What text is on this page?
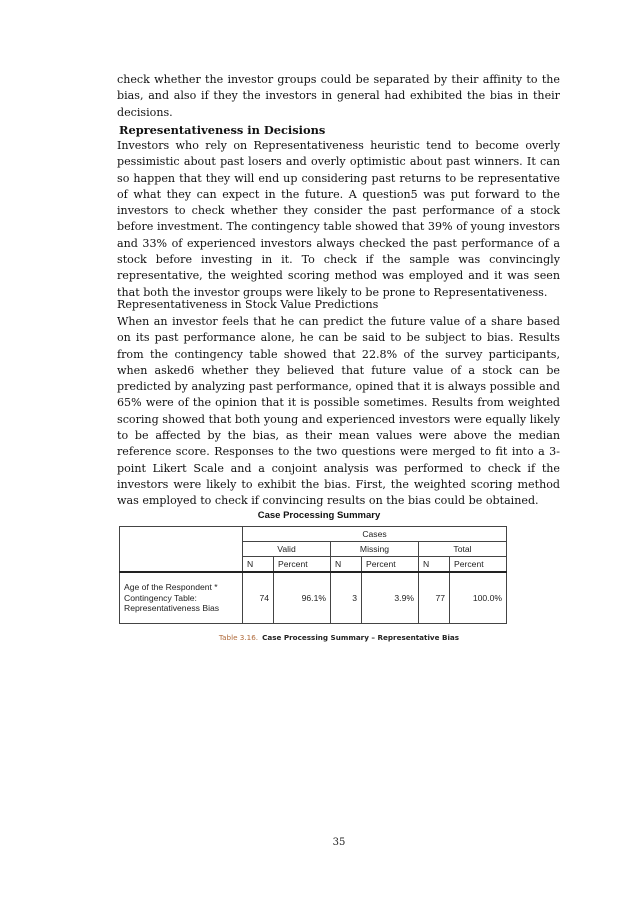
check whether the investor groups could be separated by their affinity to the bias, and also if they the investors in general had exhibited the bias in their decisions.

Representativeness in Decisions

Investors who rely on Representativeness heuristic tend to become overly pessimistic about past losers and overly optimistic about past winners. It can so happen that they will end up considering past returns to be representative of what they can expect in the future. A question5 was put forward to the investors to check whether they consider the past performance of a stock before investment. The contingency table showed that 39% of young investors and 33% of experienced investors always checked the past performance of a stock before investing in it. To check if the sample was convincingly representative, the weighted scoring method was employed and it was seen that both the investor groups were likely to be prone to Representativeness.

Representativeness in Stock Value Predictions

When an investor feels that he can predict the future value of a share based on its past performance alone, he can be said to be subject to bias. Results from the contingency table showed that 22.8% of the survey participants, when asked6 whether they believed that future value of a stock can be predicted by analyzing past performance, opined that it is always possible and 65% were of the opinion that it is possible sometimes. Results from weighted scoring showed that both young and experienced investors were equally likely to be affected by the bias, as their mean values were above the median reference score. Responses to the two questions were merged to fit into a 3-point Likert Scale and a conjoint analysis was performed to check if the investors were likely to exhibit the bias. First, the weighted scoring method was employed to check if convincing results on the bias could be obtained.

Case Processing Summary
	Cases					
	Valid		Missing		Total	
	N	Percent	N	Percent	N	Percent
Age of the Respondent * Contingency Table: Representativeness Bias	74	96.1%	3	3.9%	77	100.0%
Table 3.16. Case Processing Summary – Representative Bias
35
